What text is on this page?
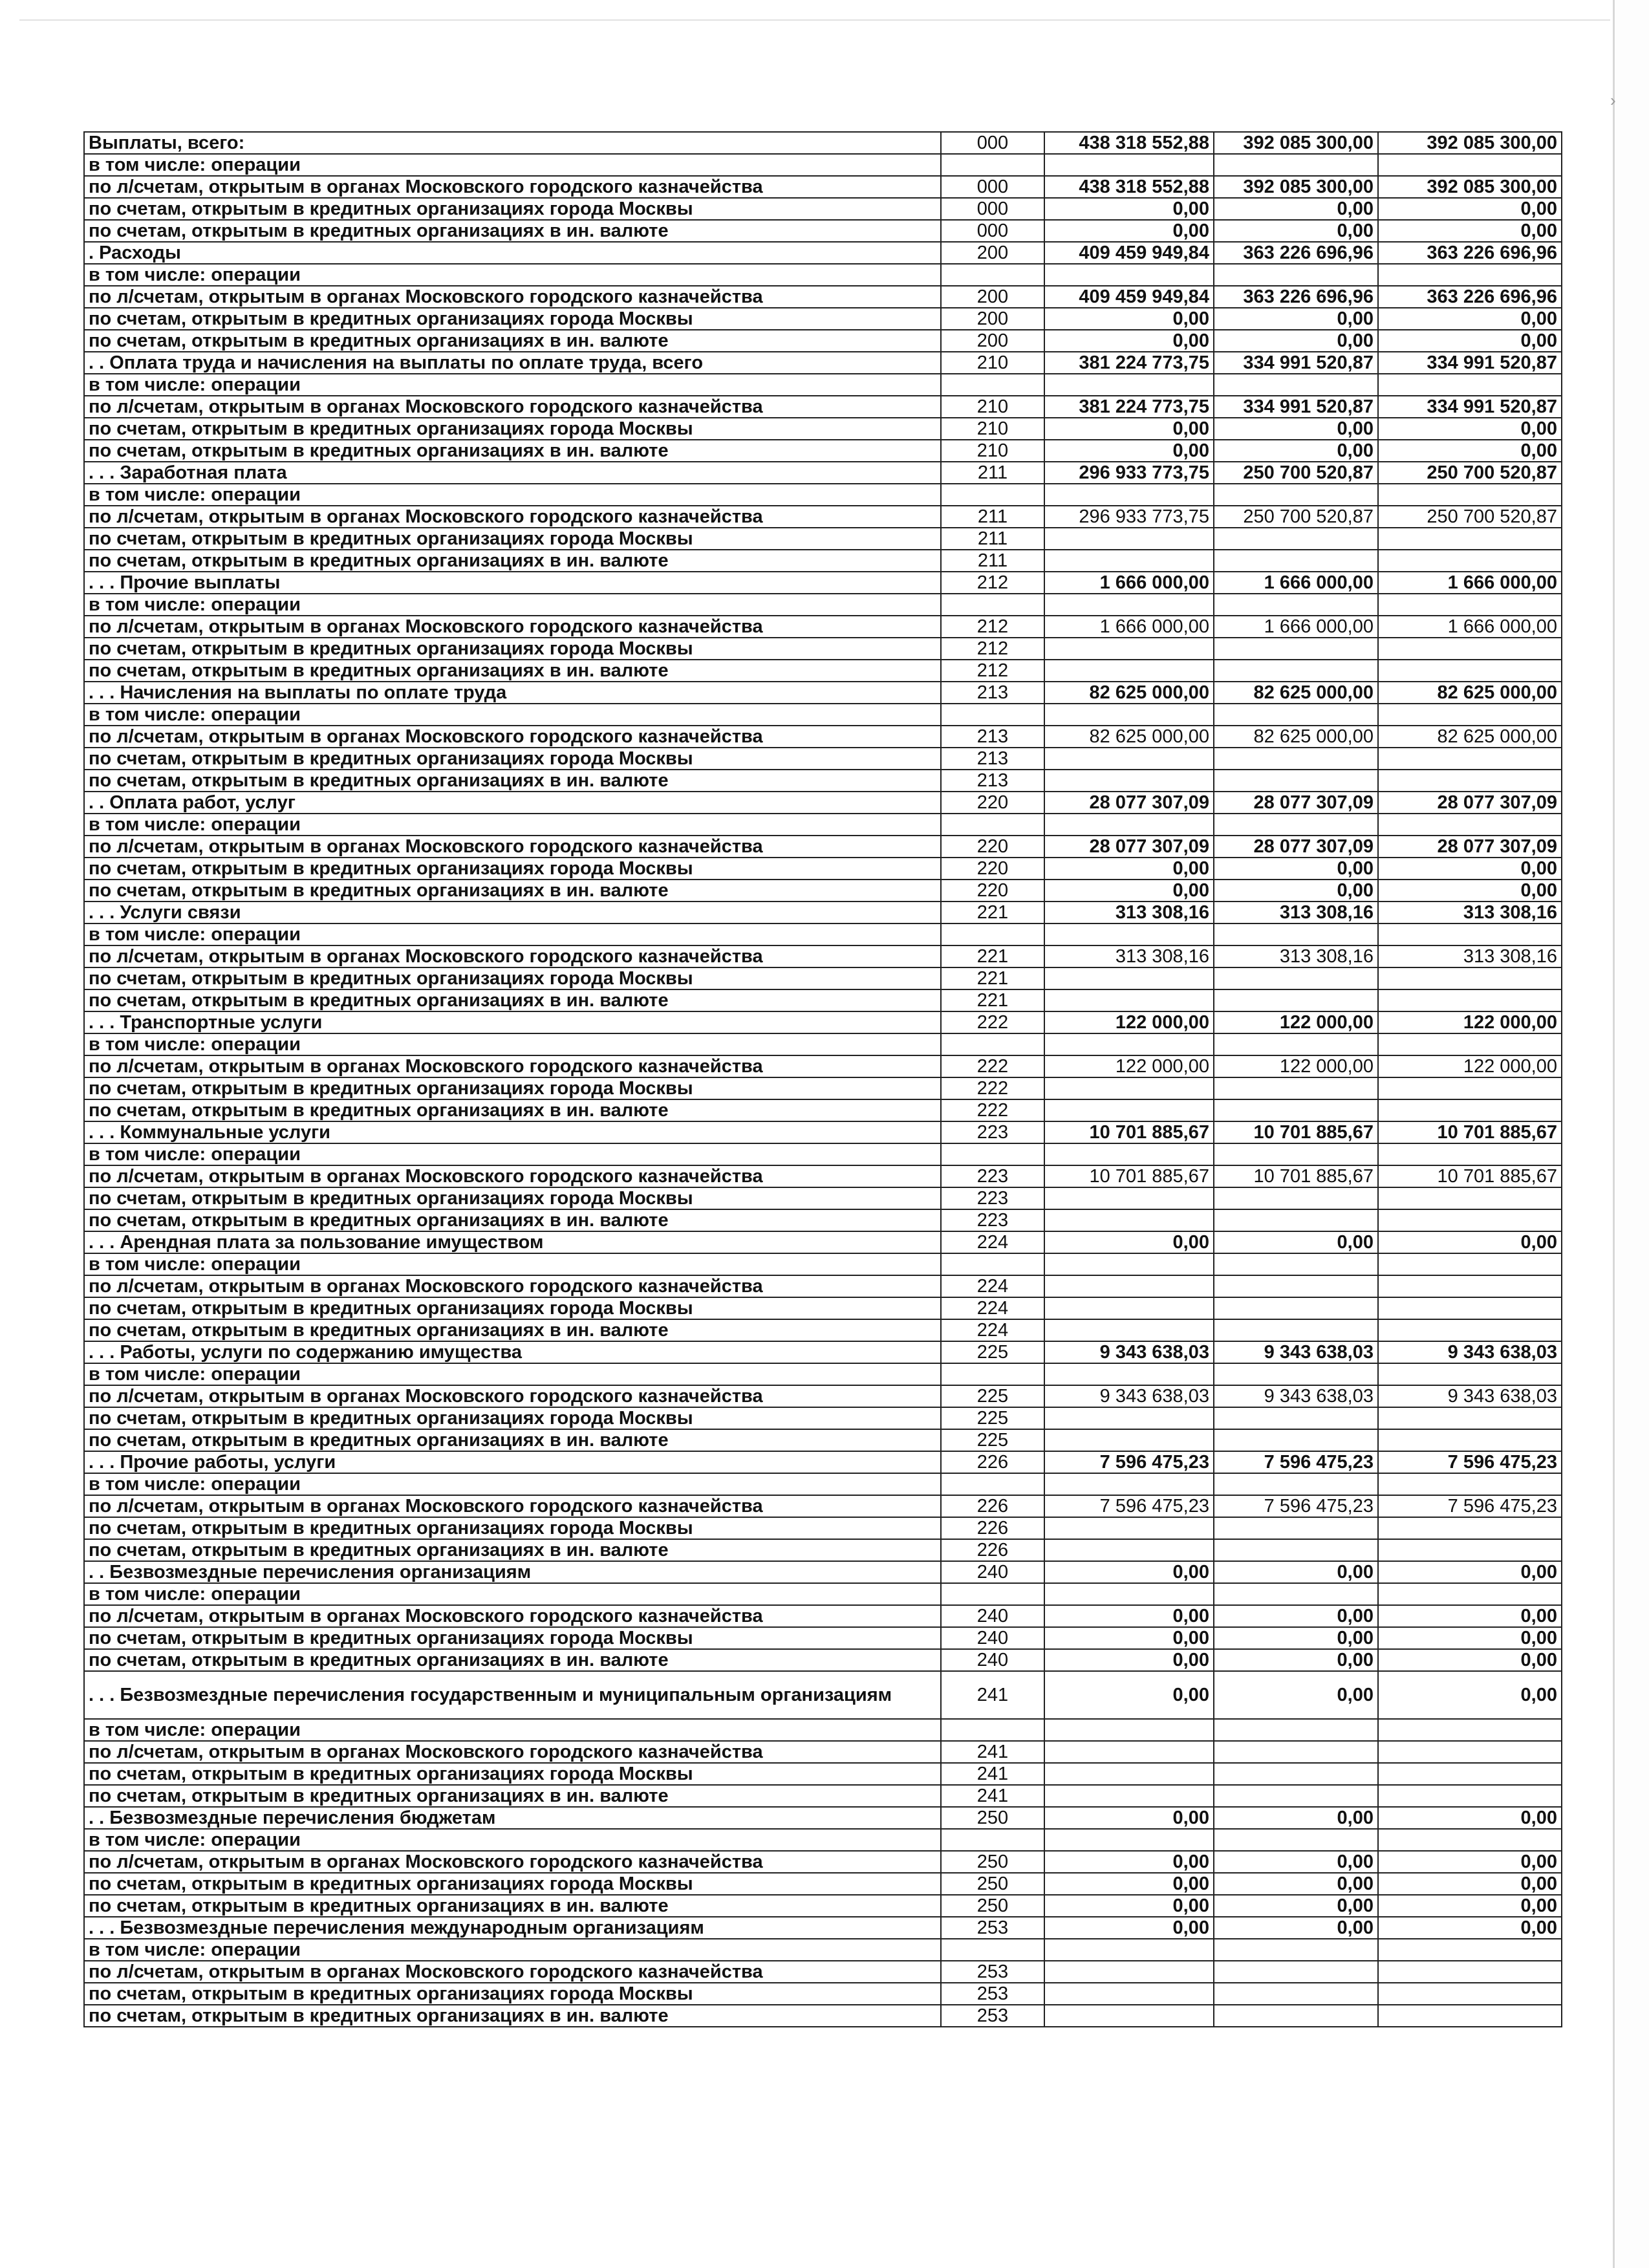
›
Выплаты, всего:	000	438 318 552,88	392 085 300,00	392 085 300,00
в том числе: операции				
по л/счетам, открытым в органах Московского городского казначейства	000	438 318 552,88	392 085 300,00	392 085 300,00
по счетам, открытым в кредитных организациях города Москвы	000	0,00	0,00	0,00
по счетам, открытым в кредитных организациях в ин. валюте	000	0,00	0,00	0,00
. Расходы	200	409 459 949,84	363 226 696,96	363 226 696,96
в том числе: операции				
по л/счетам, открытым в органах Московского городского казначейства	200	409 459 949,84	363 226 696,96	363 226 696,96
по счетам, открытым в кредитных организациях города Москвы	200	0,00	0,00	0,00
по счетам, открытым в кредитных организациях в ин. валюте	200	0,00	0,00	0,00
. . Оплата труда и начисления на выплаты по оплате труда, всего	210	381 224 773,75	334 991 520,87	334 991 520,87
в том числе: операции				
по л/счетам, открытым в органах Московского городского казначейства	210	381 224 773,75	334 991 520,87	334 991 520,87
по счетам, открытым в кредитных организациях города Москвы	210	0,00	0,00	0,00
по счетам, открытым в кредитных организациях в ин. валюте	210	0,00	0,00	0,00
. . . Заработная плата	211	296 933 773,75	250 700 520,87	250 700 520,87
в том числе: операции				
по л/счетам, открытым в органах Московского городского казначейства	211	296 933 773,75	250 700 520,87	250 700 520,87
по счетам, открытым в кредитных организациях города Москвы	211			
по счетам, открытым в кредитных организациях в ин. валюте	211			
. . . Прочие выплаты	212	1 666 000,00	1 666 000,00	1 666 000,00
в том числе: операции				
по л/счетам, открытым в органах Московского городского казначейства	212	1 666 000,00	1 666 000,00	1 666 000,00
по счетам, открытым в кредитных организациях города Москвы	212			
по счетам, открытым в кредитных организациях в ин. валюте	212			
. . . Начисления на выплаты по оплате труда	213	82 625 000,00	82 625 000,00	82 625 000,00
в том числе: операции				
по л/счетам, открытым в органах Московского городского казначейства	213	82 625 000,00	82 625 000,00	82 625 000,00
по счетам, открытым в кредитных организациях города Москвы	213			
по счетам, открытым в кредитных организациях в ин. валюте	213			
. . Оплата работ, услуг	220	28 077 307,09	28 077 307,09	28 077 307,09
в том числе: операции				
по л/счетам, открытым в органах Московского городского казначейства	220	28 077 307,09	28 077 307,09	28 077 307,09
по счетам, открытым в кредитных организациях города Москвы	220	0,00	0,00	0,00
по счетам, открытым в кредитных организациях в ин. валюте	220	0,00	0,00	0,00
. . . Услуги связи	221	313 308,16	313 308,16	313 308,16
в том числе: операции				
по л/счетам, открытым в органах Московского городского казначейства	221	313 308,16	313 308,16	313 308,16
по счетам, открытым в кредитных организациях города Москвы	221			
по счетам, открытым в кредитных организациях в ин. валюте	221			
. . . Транспортные услуги	222	122 000,00	122 000,00	122 000,00
в том числе: операции				
по л/счетам, открытым в органах Московского городского казначейства	222	122 000,00	122 000,00	122 000,00
по счетам, открытым в кредитных организациях города Москвы	222			
по счетам, открытым в кредитных организациях в ин. валюте	222			
. . . Коммунальные услуги	223	10 701 885,67	10 701 885,67	10 701 885,67
в том числе: операции				
по л/счетам, открытым в органах Московского городского казначейства	223	10 701 885,67	10 701 885,67	10 701 885,67
по счетам, открытым в кредитных организациях города Москвы	223			
по счетам, открытым в кредитных организациях в ин. валюте	223			
. . . Арендная плата за пользование имуществом	224	0,00	0,00	0,00
в том числе: операции				
по л/счетам, открытым в органах Московского городского казначейства	224			
по счетам, открытым в кредитных организациях города Москвы	224			
по счетам, открытым в кредитных организациях в ин. валюте	224			
. . . Работы, услуги по содержанию имущества	225	9 343 638,03	9 343 638,03	9 343 638,03
в том числе: операции				
по л/счетам, открытым в органах Московского городского казначейства	225	9 343 638,03	9 343 638,03	9 343 638,03
по счетам, открытым в кредитных организациях города Москвы	225			
по счетам, открытым в кредитных организациях в ин. валюте	225			
. . . Прочие работы, услуги	226	7 596 475,23	7 596 475,23	7 596 475,23
в том числе: операции				
по л/счетам, открытым в органах Московского городского казначейства	226	7 596 475,23	7 596 475,23	7 596 475,23
по счетам, открытым в кредитных организациях города Москвы	226			
по счетам, открытым в кредитных организациях в ин. валюте	226			
. . Безвозмездные перечисления организациям	240	0,00	0,00	0,00
в том числе: операции				
по л/счетам, открытым в органах Московского городского казначейства	240	0,00	0,00	0,00
по счетам, открытым в кредитных организациях города Москвы	240	0,00	0,00	0,00
по счетам, открытым в кредитных организациях в ин. валюте	240	0,00	0,00	0,00
. . . Безвозмездные перечисления государственным и муниципальным организациям	241	0,00	0,00	0,00
в том числе: операции				
по л/счетам, открытым в органах Московского городского казначейства	241			
по счетам, открытым в кредитных организациях города Москвы	241			
по счетам, открытым в кредитных организациях в ин. валюте	241			
. . Безвозмездные перечисления бюджетам	250	0,00	0,00	0,00
в том числе: операции				
по л/счетам, открытым в органах Московского городского казначейства	250	0,00	0,00	0,00
по счетам, открытым в кредитных организациях города Москвы	250	0,00	0,00	0,00
по счетам, открытым в кредитных организациях в ин. валюте	250	0,00	0,00	0,00
. . . Безвозмездные перечисления международным организациям	253	0,00	0,00	0,00
в том числе: операции				
по л/счетам, открытым в органах Московского городского казначейства	253			
по счетам, открытым в кредитных организациях города Москвы	253			
по счетам, открытым в кредитных организациях в ин. валюте	253			
